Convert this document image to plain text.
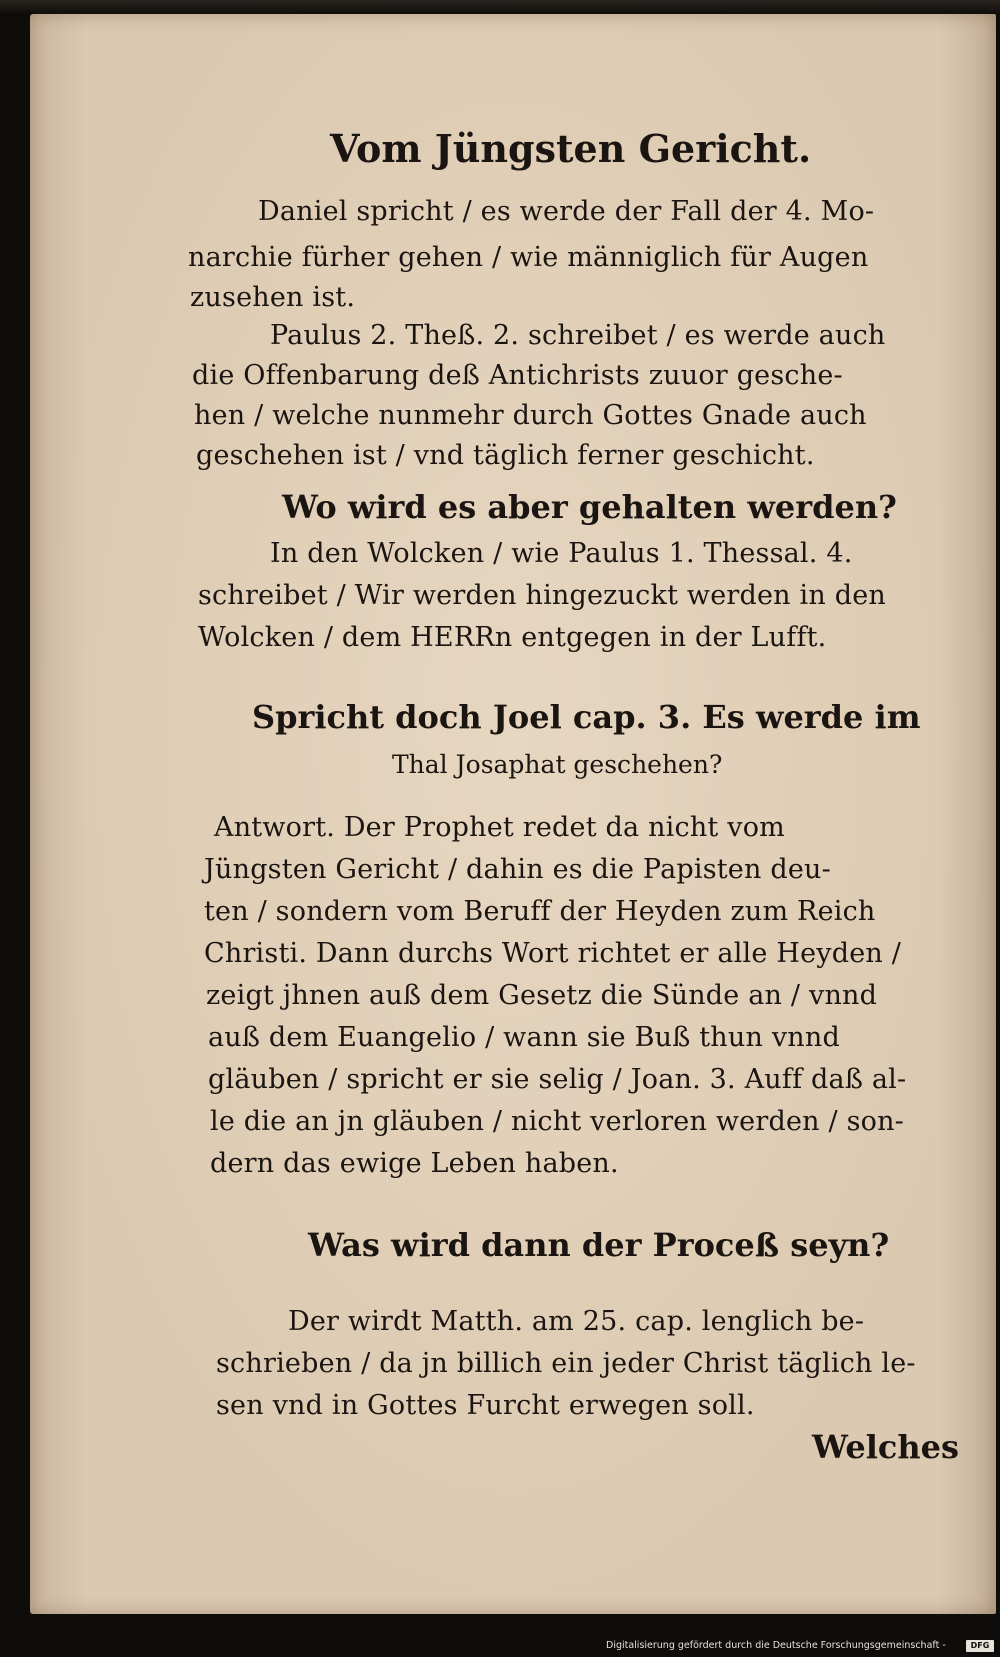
Vom Jüngsten Gericht.
Daniel spricht / es werde der Fall der 4. Mo-
narchie fürher gehen / wie männiglich für Augen
zusehen ist.
Paulus 2. Theß. 2. schreibet / es werde auch
die Offenbarung deß Antichrists zuuor gesche-
hen / welche nunmehr durch Gottes Gnade auch
geschehen ist / vnd täglich ferner geschicht.
Wo wird es aber gehalten werden?
In den Wolcken / wie Paulus 1. Thessal. 4.
schreibet / Wir werden hingezuckt werden in den
Wolcken / dem HERRn entgegen in der Lufft.
Spricht doch Joel cap. 3. Es werde im
Thal Josaphat geschehen?
Antwort. Der Prophet redet da nicht vom
Jüngsten Gericht / dahin es die Papisten deu-
ten / sondern vom Beruff der Heyden zum Reich
Christi. Dann durchs Wort richtet er alle Heyden /
zeigt jhnen auß dem Gesetz die Sünde an / vnnd
auß dem Euangelio / wann sie Buß thun vnnd
gläuben / spricht er sie selig / Joan. 3. Auff daß al-
le die an jn gläuben / nicht verloren werden / son-
dern das ewige Leben haben.
Was wird dann der Proceß seyn?
Der wirdt Matth. am 25. cap. lenglich be-
schrieben / da jn billich ein jeder Christ täglich le-
sen vnd in Gottes Furcht erwegen soll.
Welches
Digitalisierung gefördert durch die Deutsche Forschungsgemeinschaft -	DFG
